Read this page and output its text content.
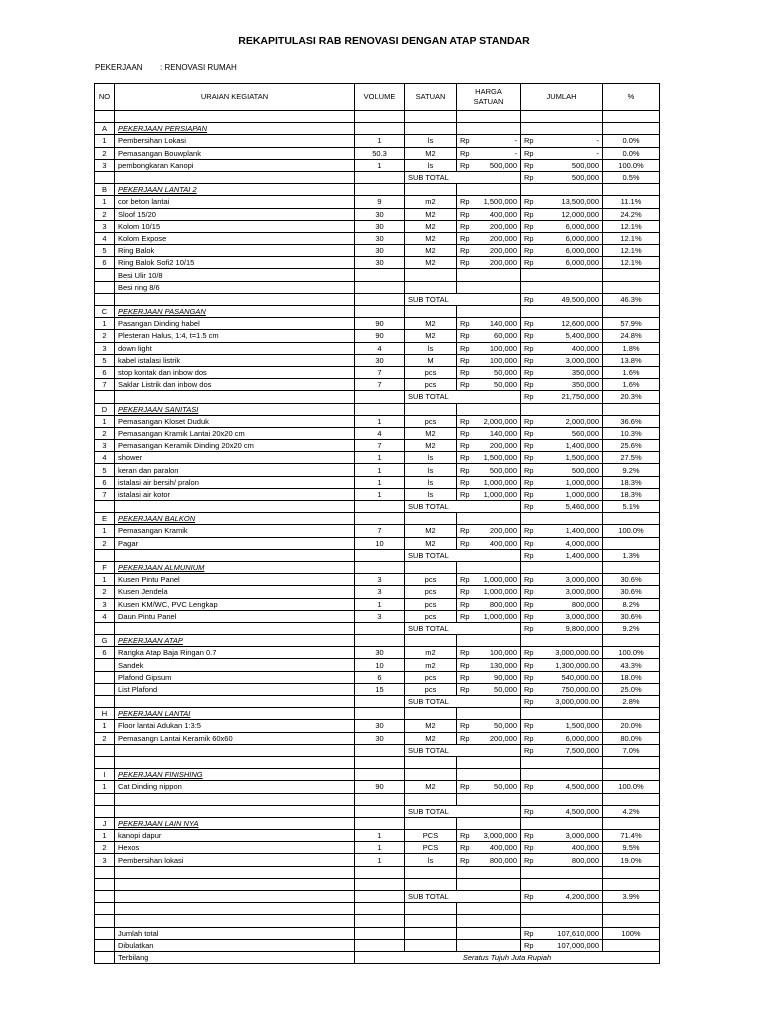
REKAPITULASI RAB RENOVASI DENGAN ATAP STANDAR
PEKERJAAN : RENOVASI RUMAH
NO	URAIAN KEGIATAN	VOLUME	SATUAN	HARGA SATUAN	JUMLAH	%

A	PEKERJAAN PERSIAPAN					
1	Pembersihan Lokasi	1	ls	Rp -	Rp -	0.0%
2	Pemasangan Bouwplank	50.3	M2	Rp -	Rp -	0.0%
3	pembongkaran Kanopi	1	ls	Rp 500,000	Rp 500,000	100.0%
			SUB TOTAL		Rp 500,000	0.5%
B	PEKERJAAN LANTAI 2					
1	cor beton lantai	9	m2	Rp 1,500,000	Rp 13,500,000	11.1%
2	Sloof 15/20	30	M2	Rp 400,000	Rp 12,000,000	24.2%
3	Kolom 10/15	30	M2	Rp 200,000	Rp 6,000,000	12.1%
4	Kolom Expose	30	M2	Rp 200,000	Rp 6,000,000	12.1%
5	Ring Balok	30	M2	Rp 200,000	Rp 6,000,000	12.1%
6	Ring Balok Sofi2 10/15	30	M2	Rp 200,000	Rp 6,000,000	12.1%
	Besi Ulir 10/8					
	Besi ring 8/6					
			SUB TOTAL		Rp 49,500,000	46.3%
C	PEKERJAAN PASANGAN					
1	Pasangan Dinding habel	90	M2	Rp 140,000	Rp 12,600,000	57.9%
2	Plesteran Halus, 1:4, t=1.5 cm	90	M2	Rp 60,000	Rp 5,400,000	24.8%
3	down light	4	ls	Rp 100,000	Rp 400,000	1.8%
5	kabel istalasi listrik	30	M	Rp 100,000	Rp 3,000,000	13.8%
6	stop kontak dan inbow dos	7	pcs	Rp 50,000	Rp 350,000	1.6%
7	Saklar Listrik dan inbow dos	7	pcs	Rp 50,000	Rp 350,000	1.6%
			SUB TOTAL		Rp 21,750,000	20.3%
D	PEKERJAAN SANITASI					
1	Pemasangan Kloset Duduk	1	pcs	Rp 2,000,000	Rp 2,000,000	36.6%
2	Pemasangan Kramik Lantai 20x20 cm	4	M2	Rp 140,000	Rp 560,000	10.3%
3	Pemasangan Keramik Dinding 20x20 cm	7	M2	Rp 200,000	Rp 1,400,000	25.6%
4	shower	1	ls	Rp 1,500,000	Rp 1,500,000	27.5%
5	keran dan paralon	1	ls	Rp 500,000	Rp 500,000	9.2%
6	istalasi air bersih/ pralon	1	ls	Rp 1,000,000	Rp 1,000,000	18.3%
7	istalasi air kotor	1	ls	Rp 1,000,000	Rp 1,000,000	18.3%
			SUB TOTAL		Rp 5,460,000	5.1%
E	PEKERJAAN BALKON					
1	Pemasangan Kramik	7	M2	Rp 200,000	Rp 1,400,000	100.0%
2	Pagar	10	M2	Rp 400,000	Rp 4,000,000	

			SUB TOTAL		Rp 1,400,000	1.3%
F	PEKERJAAN ALMUNIUM					
1	Kusen Pintu Panel	3	pcs	Rp 1,000,000	Rp 3,000,000	30.6%
2	Kusen Jendela	3	pcs	Rp 1,000,000	Rp 3,000,000	30.6%
3	Kusen KM/WC, PVC Lengkap	1	pcs	Rp 800,000	Rp 800,000	8.2%
4	Daun Pintu Panel	3	pcs	Rp 1,000,000	Rp 3,000,000	30.6%
			SUB TOTAL		Rp 9,800,000	9.2%
G	PEKERJAAN ATAP					
6	Rangka Atap Baja Ringan 0.7	30	m2	Rp 100,000	Rp 3,000,000.00	100.0%
	Sandek	10	m2	Rp 130,000	Rp 1,300,000.00	43.3%
	Plafond Gipsum	6	pcs	Rp 90,000	Rp 540,000.00	18.0%
	List Plafond	15	pcs	Rp 50,000	Rp 750,000.00	25.0%
			SUB TOTAL		Rp 3,000,000.00	2.8%
H	PEKERJAAN LANTAI					
1	Floor lantai Adukan 1:3:5	30	M2	Rp 50,000	Rp 1,500,000	20.0%
2	Pemasangn Lantai Keramik 60x60	30	M2	Rp 200,000	Rp 6,000,000	80.0%
			SUB TOTAL		Rp 7,500,000	7.0%

I	PEKERJAAN FINISHING					
1	Cat Dinding nippon	90	M2	Rp 50,000	Rp 4,500,000	100.0%

			SUB TOTAL		Rp 4,500,000	4.2%
J	PEKERJAAN LAIN NYA					
1	kanopi dapur	1	PCS	Rp 3,000,000	Rp 3,000,000	71.4%
2	Hexos	1	PCS	Rp 400,000	Rp 400,000	9.5%
3	Pembersihan lokasi	1	ls	Rp 800,000	Rp 800,000	19.0%

			SUB TOTAL		Rp 4,200,000	3.9%

	Jumlah total				Rp 107,610,000	100%
	Dibulatkan				Rp 107,000,000	

	Terbilang	Seratus Tujuh Juta Rupiah				
